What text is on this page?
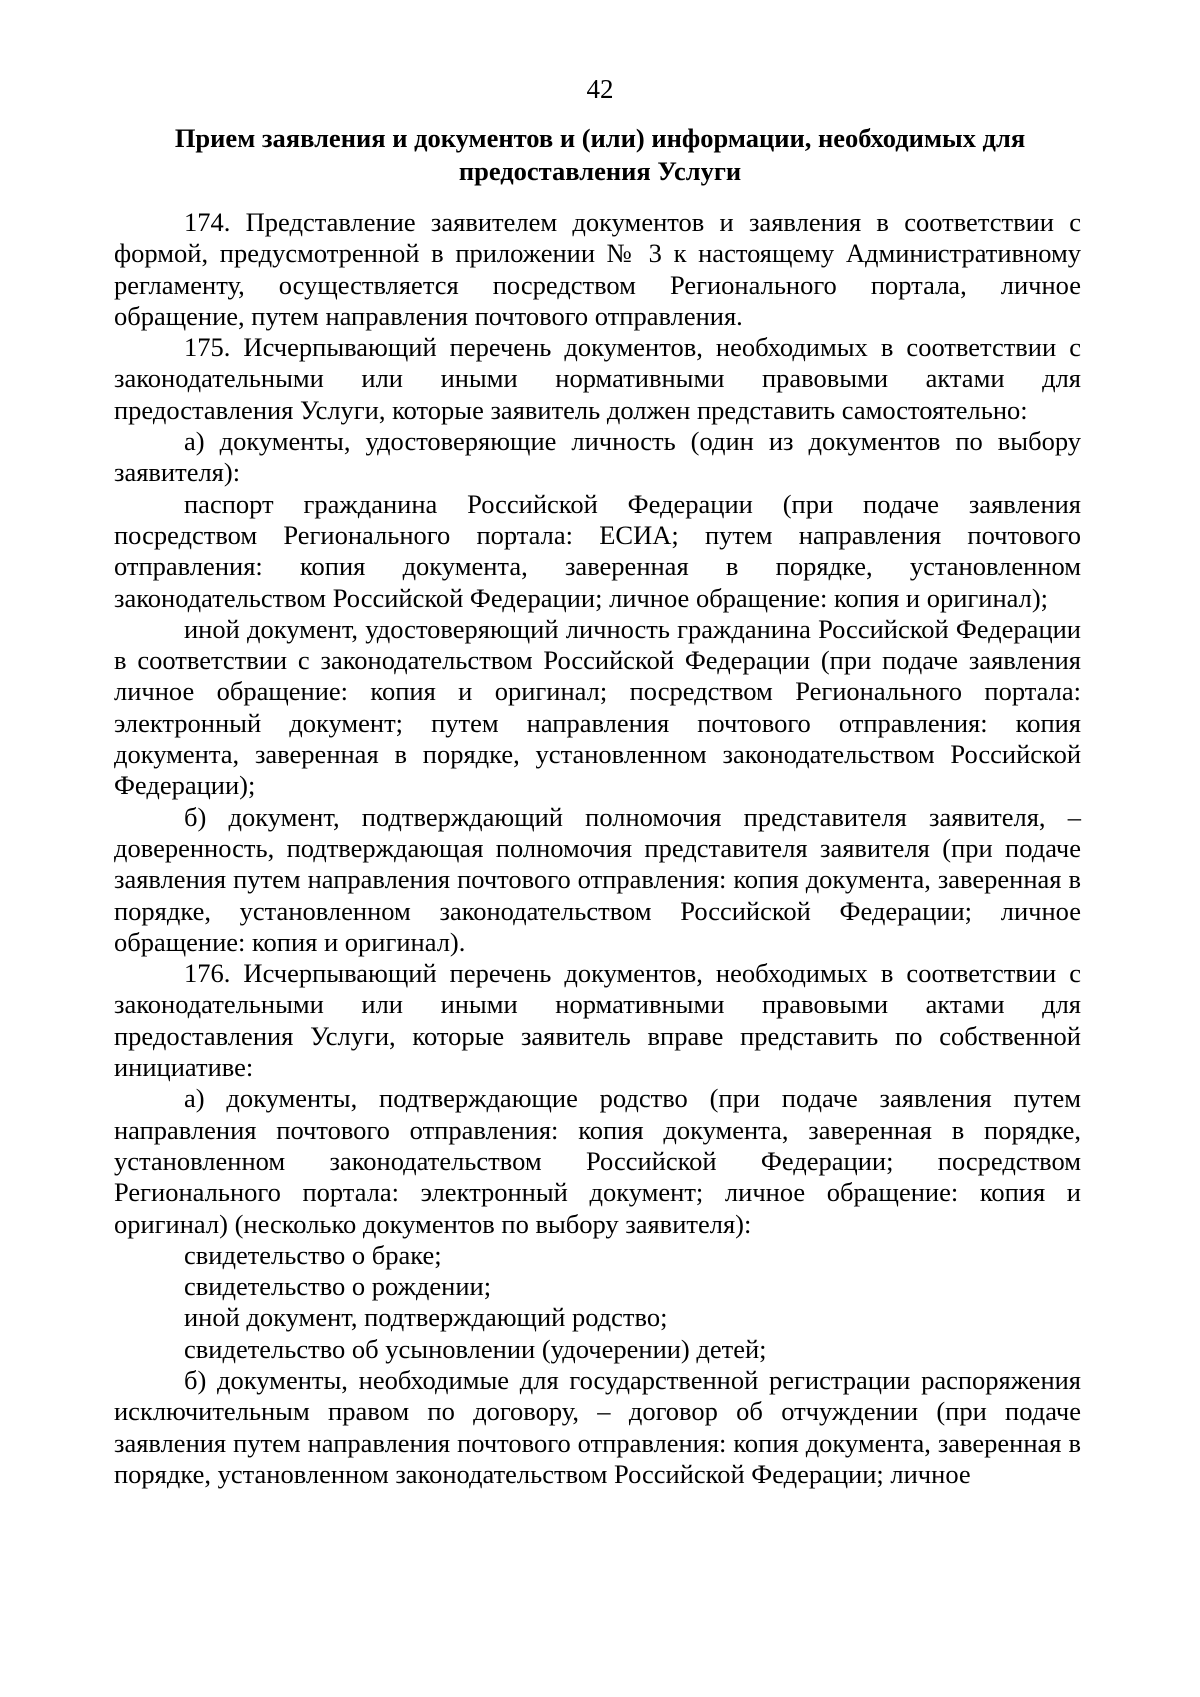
42
Прием заявления и документов и (или) информации, необходимых для предоставления Услуги

174. Представление заявителем документов и заявления в соответствии с формой, предусмотренной в приложении № 3 к настоящему Административному регламенту, осуществляется посредством Регионального портала, личное обращение, путем направления почтового отправления.

175. Исчерпывающий перечень документов, необходимых в соответствии с законодательными или иными нормативными правовыми актами для предоставления Услуги, которые заявитель должен представить самостоятельно:

а) документы, удостоверяющие личность (один из документов по выбору заявителя):

паспорт гражданина Российской Федерации (при подаче заявления посредством Регионального портала: ЕСИА; путем направления почтового отправления: копия документа, заверенная в порядке, установленном законодательством Российской Федерации; личное обращение: копия и оригинал);

иной документ, удостоверяющий личность гражданина Российской Федерации в соответствии с законодательством Российской Федерации (при подаче заявления личное обращение: копия и оригинал; посредством Регионального портала: электронный документ; путем направления почтового отправления: копия документа, заверенная в порядке, установленном законодательством Российской Федерации);

б) документ, подтверждающий полномочия представителя заявителя, – доверенность, подтверждающая полномочия представителя заявителя (при подаче заявления путем направления почтового отправления: копия документа, заверенная в порядке, установленном законодательством Российской Федерации; личное обращение: копия и оригинал).

176. Исчерпывающий перечень документов, необходимых в соответствии с законодательными или иными нормативными правовыми актами для предоставления Услуги, которые заявитель вправе представить по собственной инициативе:

а) документы, подтверждающие родство (при подаче заявления путем направления почтового отправления: копия документа, заверенная в порядке, установленном законодательством Российской Федерации; посредством Регионального портала: электронный документ; личное обращение: копия и оригинал) (несколько документов по выбору заявителя):

свидетельство о браке;

свидетельство о рождении;

иной документ, подтверждающий родство;

свидетельство об усыновлении (удочерении) детей;

б) документы, необходимые для государственной регистрации распоряжения исключительным правом по договору, – договор об отчуждении (при подаче заявления путем направления почтового отправления: копия документа, заверенная в порядке, установленном законодательством Российской Федерации; личное
